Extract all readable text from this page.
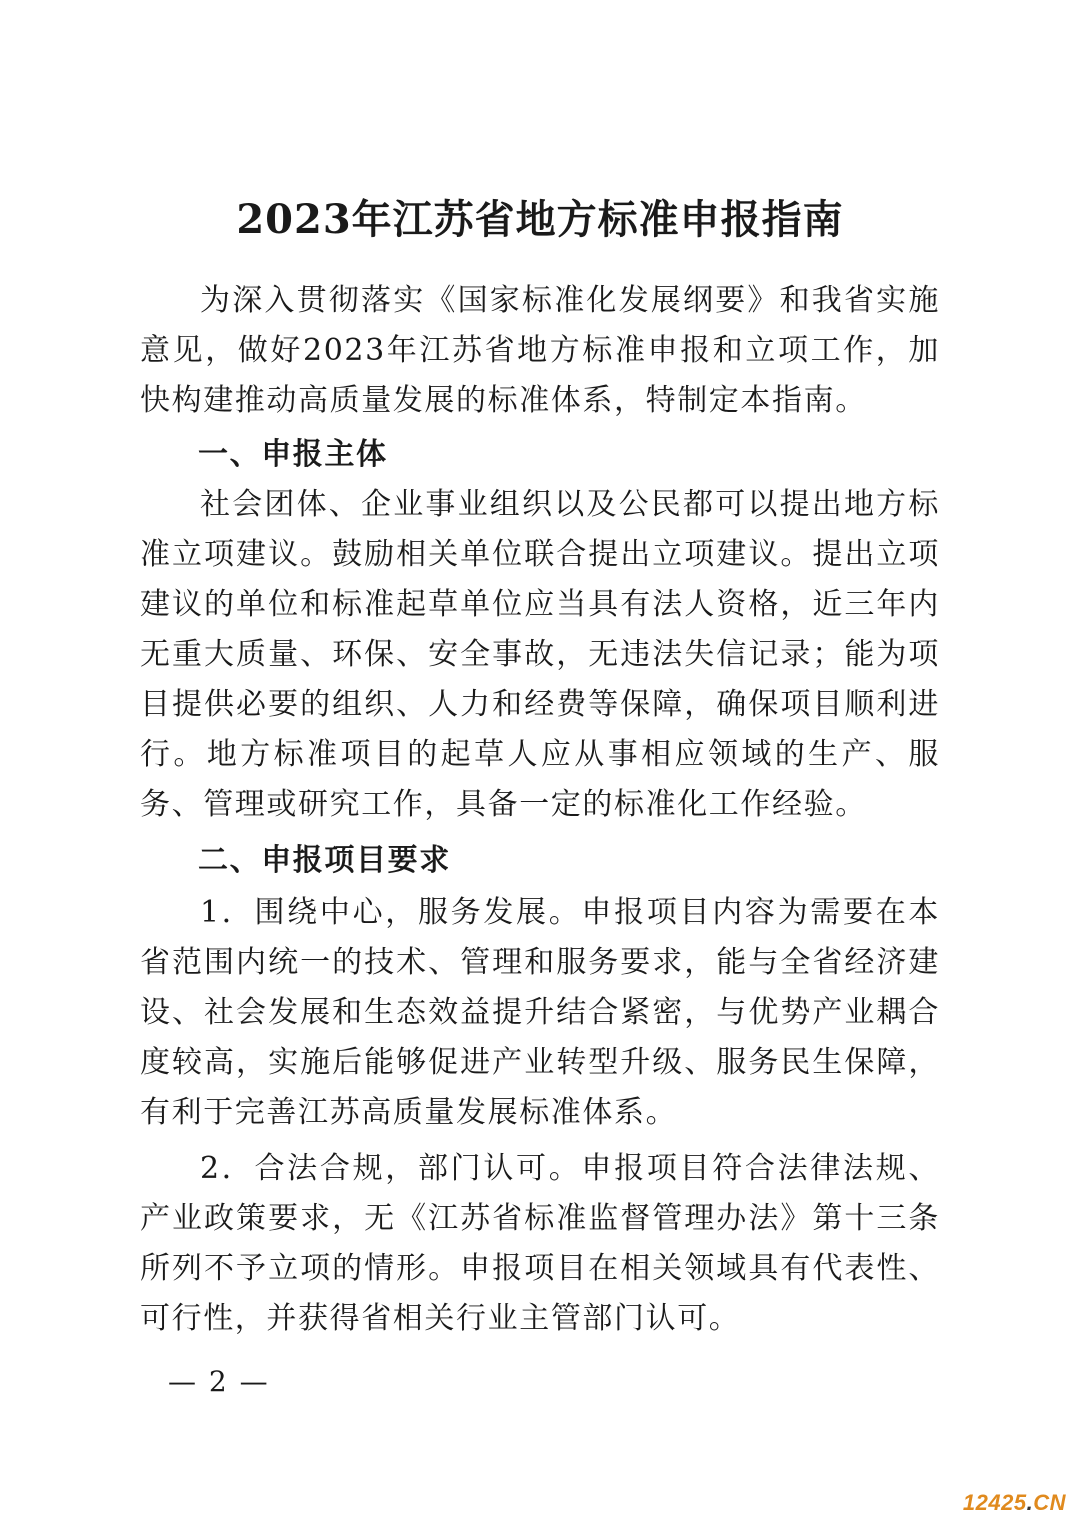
2023年江苏省地方标准申报指南

为深入贯彻落实《国家标准化发展纲要》和我省实施意见，做好2023年江苏省地方标准申报和立项工作，加快构建推动高质量发展的标准体系，特制定本指南。

一、申报主体

社会团体、企业事业组织以及公民都可以提出地方标准立项建议。鼓励相关单位联合提出立项建议。提出立项建议的单位和标准起草单位应当具有法人资格，近三年内无重大质量、环保、安全事故，无违法失信记录；能为项目提供必要的组织、人力和经费等保障，确保项目顺利进行。地方标准项目的起草人应从事相应领域的生产、服务、管理或研究工作，具备一定的标准化工作经验。

二、申报项目要求

1．围绕中心，服务发展。申报项目内容为需要在本省范围内统一的技术、管理和服务要求，能与全省经济建设、社会发展和生态效益提升结合紧密，与优势产业耦合度较高，实施后能够促进产业转型升级、服务民生保障，有利于完善江苏高质量发展标准体系。

2．合法合规，部门认可。申报项目符合法律法规、产业政策要求，无《江苏省标准监督管理办法》第十三条所列不予立项的情形。申报项目在相关领域具有代表性、可行性，并获得省相关行业主管部门认可。

— 2 —
12425.CN
